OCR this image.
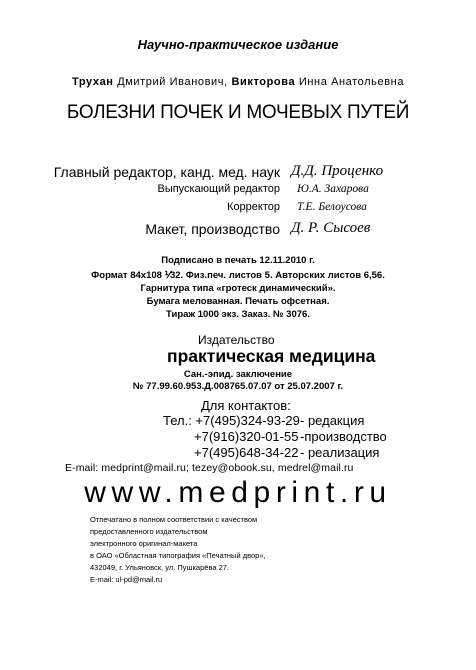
Научно-практическое издание
Трухан Дмитрий Иванович, Викторова Инна Анатольевна
БОЛЕЗНИ ПОЧЕК И МОЧЕВЫХ ПУТЕЙ
Главный редактор, канд. мед. наук Д.Д. Проценко
Выпускающий редактор Ю.А. Захарова
Корректор Т.Е. Белоусова
Макет, производство Д. Р. Сысоев
Подписано в печать 12.11.2010 г.
Формат 84x108 ⅟32. Физ.печ. листов 5. Авторских листов 6,56.
Гарнитура типа «гротеск динамический».
Бумага мелованная. Печать офсетная.
Тираж 1000 экз. Заказ. № 3076.
Издательство
практическая медицина
Сан.-эпид. заключение
№ 77.99.60.953.Д.008765.07.07 от 25.07.2007 г.
Для контактов:
Тел.: +7(495)324-93-29 - редакция
+7(916)320-01-55 -производство
+7(495)648-34-22 - реализация
E-mail: medprint@mail.ru; tezey@obook.su, medrel@mail.ru
www.medprint.ru
Отпечатано в полном соответствии с качеством
предоставленного издательством
электронного оригинал-макета
в ОАО «Областная типография «Печатный двор»,
432049, г. Ульяновск, ул. Пушкарёва 27.
E-mail: ul-pd@mail.ru
